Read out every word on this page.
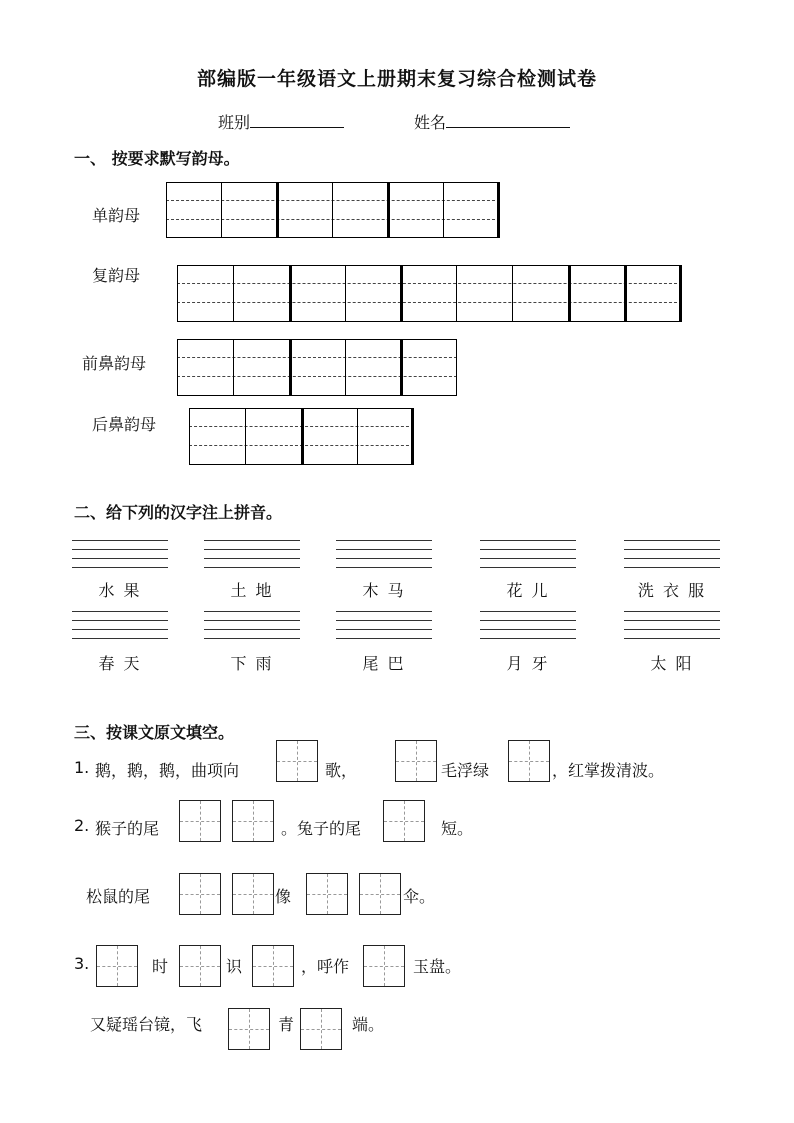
部编版一年级语文上册期末复习综合检测试卷
班别	姓名
一、 按要求默写韵母。
单韵母
复韵母
前鼻韵母
后鼻韵母
二、给下列的汉字注上拼音。
水 果	土 地	木 马	花 儿	洗 衣 服
春 天	下 雨	尾 巴	月 牙	太 阳
三、按课文原文填空。
1. 鹅，鹅，鹅，曲项向	歌，	毛浮绿	，红掌拨清波。
2. 猴子的尾	。兔子的尾	短。
松鼠的尾	像	伞。
3.	时	识	，呼作	玉盘。
又疑瑶台镜，飞	青	端。
